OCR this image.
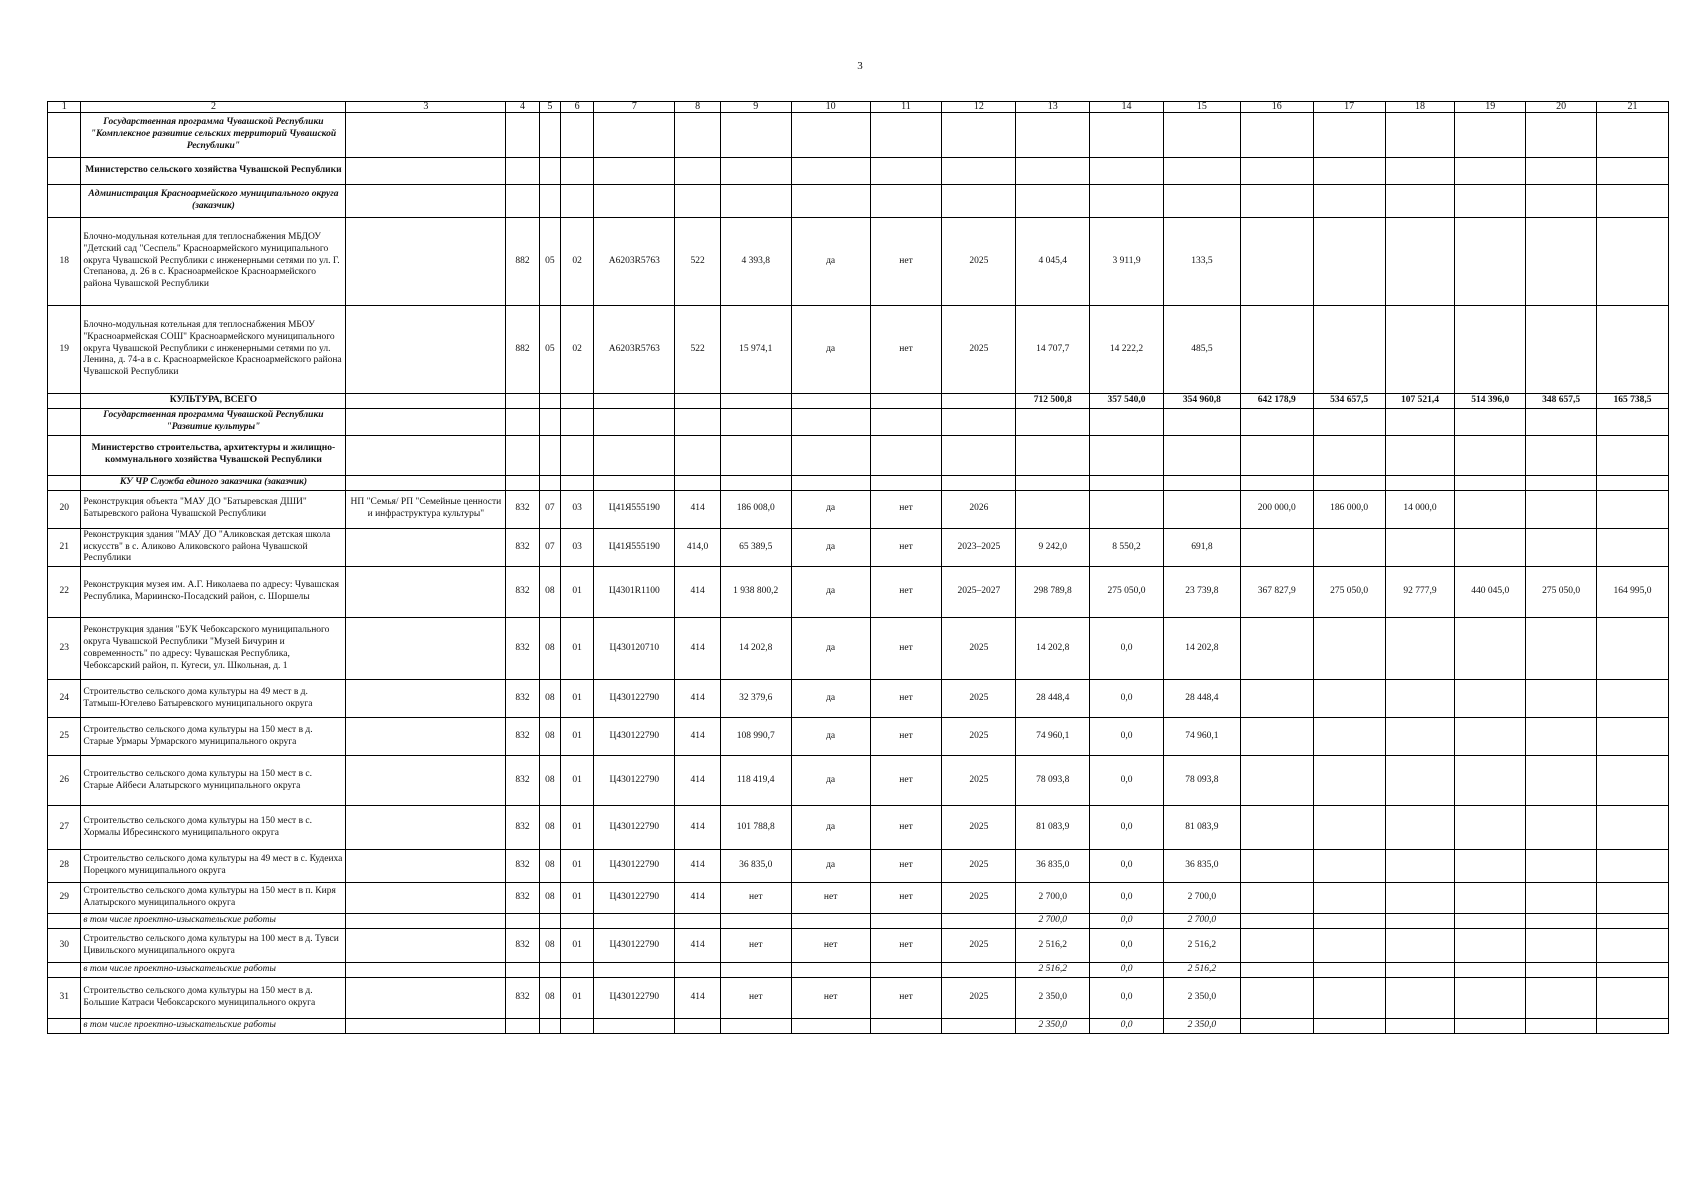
3
1	2	3	4	5	6	7	8	9	10	11	12	13	14	15	16	17	18	19	20	21
	Государственная программа Чувашской Республики "Комплексное развитие сельских территорий Чувашской Республики"																			
	Министерство сельского хозяйства Чувашской Республики																			
	Администрация Красноармейского муниципального округа (заказчик)																			
18	Блочно-модульная котельная для теплоснабжения МБДОУ "Детский сад "Сеспель" Красноармейского муниципального округа Чувашской Республики с инженерными сетями по ул. Г. Степанова, д. 26 в с. Красноармейское Красноармейского района Чувашской Республики		882	05	02	А6203R5763	522	4 393,8	да	нет	2025	4 045,4	3 911,9	133,5						
19	Блочно-модульная котельная для теплоснабжения МБОУ "Красноармейская СОШ" Красноармейского муниципального округа Чувашской Республики с инженерными сетями по ул. Ленина, д. 74-а в с. Красноармейское Красноармейского района Чувашской Республики		882	05	02	А6203R5763	522	15 974,1	да	нет	2025	14 707,7	14 222,2	485,5						
	КУЛЬТУРА, ВСЕГО											712 500,8	357 540,0	354 960,8	642 178,9	534 657,5	107 521,4	514 396,0	348 657,5	165 738,5
	Государственная программа Чувашской Республики "Развитие культуры"																			
	Министерство строительства, архитектуры и жилищно-коммунального хозяйства Чувашской Республики																			
	КУ ЧР Служба единого заказчика (заказчик)																			
20	Реконструкция объекта "МАУ ДО "Батыревская ДШИ" Батыревского района Чувашской Республики	НП "Семья/ РП "Семейные ценности и инфраструктура культуры"	832	07	03	Ц41Я555190	414	186 008,0	да	нет	2026				200 000,0	186 000,0	14 000,0			
21	Реконструкция здания "МАУ ДО "Аликовская детская школа искусств" в с. Аликово Аликовского района Чувашской Республики		832	07	03	Ц41Я555190	414,0	65 389,5	да	нет	2023–2025	9 242,0	8 550,2	691,8						
22	Реконструкция музея им. А.Г. Николаева по адресу: Чувашская Республика, Мариинско-Посадский район, с. Шоршелы		832	08	01	Ц4301R1100	414	1 938 800,2	да	нет	2025–2027	298 789,8	275 050,0	23 739,8	367 827,9	275 050,0	92 777,9	440 045,0	275 050,0	164 995,0
23	Реконструкция здания "БУК Чебоксарского муниципального округа Чувашской Республики "Музей Бичурин и современность" по адресу: Чувашская Республика, Чебоксарский район, п. Кугеси, ул. Школьная, д. 1		832	08	01	Ц430120710	414	14 202,8	да	нет	2025	14 202,8	0,0	14 202,8						
24	Строительство сельского дома культуры на 49 мест в д. Татмыш-Югелево Батыревского муниципального округа		832	08	01	Ц430122790	414	32 379,6	да	нет	2025	28 448,4	0,0	28 448,4						
25	Строительство сельского дома культуры на 150 мест в д. Старые Урмары Урмарского муниципального округа		832	08	01	Ц430122790	414	108 990,7	да	нет	2025	74 960,1	0,0	74 960,1						
26	Строительство сельского дома культуры на 150 мест в с. Старые Айбеси Алатырского муниципального округа		832	08	01	Ц430122790	414	118 419,4	да	нет	2025	78 093,8	0,0	78 093,8						
27	Строительство сельского дома культуры на 150 мест в с. Хормалы Ибресинского муниципального округа		832	08	01	Ц430122790	414	101 788,8	да	нет	2025	81 083,9	0,0	81 083,9						
28	Строительство сельского дома культуры на 49 мест в с. Кудеиха Порецкого муниципального округа		832	08	01	Ц430122790	414	36 835,0	да	нет	2025	36 835,0	0,0	36 835,0						
29	Строительство сельского дома культуры на 150 мест в п. Киря Алатырского муниципального округа		832	08	01	Ц430122790	414	нет	нет	нет	2025	2 700,0	0,0	2 700,0						
	в том числе проектно-изыскательские работы											2 700,0	0,0	2 700,0						
30	Строительство сельского дома культуры на 100 мест в д. Тувси Цивильского муниципального округа		832	08	01	Ц430122790	414	нет	нет	нет	2025	2 516,2	0,0	2 516,2						
	в том числе проектно-изыскательские работы											2 516,2	0,0	2 516,2						
31	Строительство сельского дома культуры на 150 мест в д. Большие Катраси Чебоксарского муниципального округа		832	08	01	Ц430122790	414	нет	нет	нет	2025	2 350,0	0,0	2 350,0						
	в том числе проектно-изыскательские работы											2 350,0	0,0	2 350,0						
